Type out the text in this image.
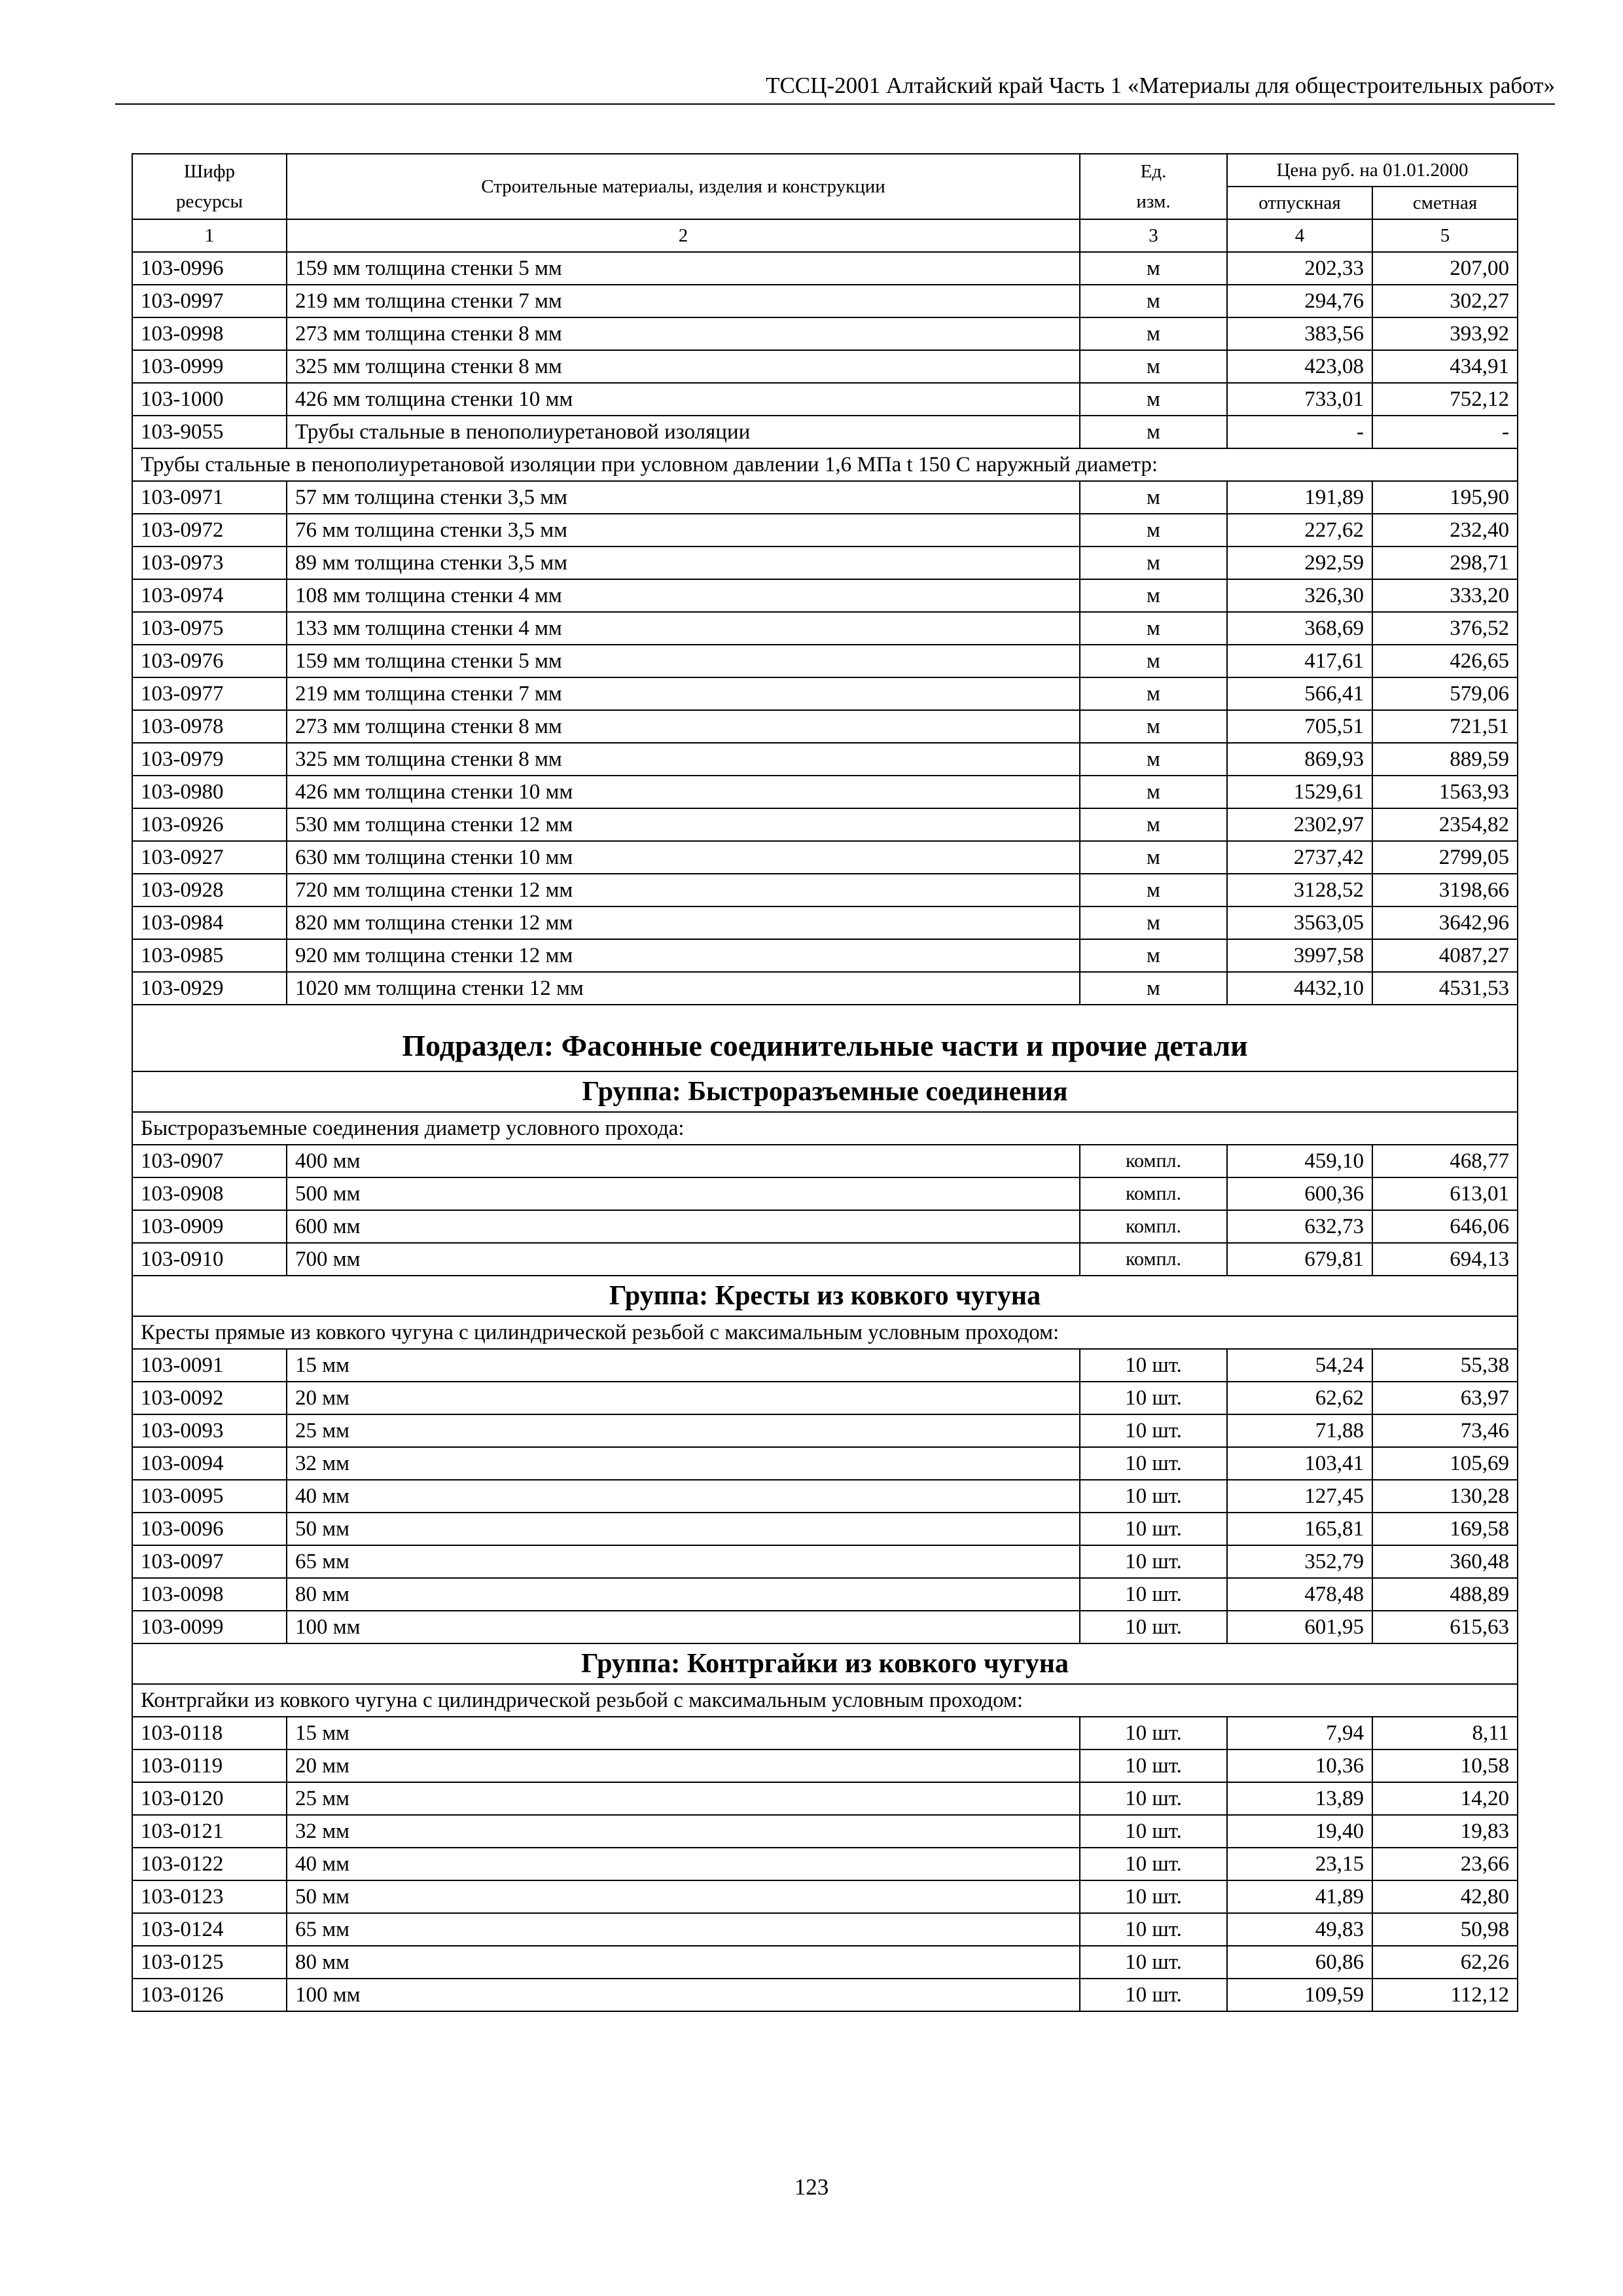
ТССЦ-2001 Алтайский край Часть 1 «Материалы для общестроительных работ»
Шифр ресурсы	Строительные материалы, изделия и конструкции	Ед. изм.	Цена руб. на 01.01.2000	
			отпускная	сметная
1	2	3	4	5
103-0996	159 мм толщина стенки 5 мм	м	202,33	207,00
103-0997	219 мм толщина стенки 7 мм	м	294,76	302,27
103-0998	273 мм толщина стенки 8 мм	м	383,56	393,92
103-0999	325 мм толщина стенки 8 мм	м	423,08	434,91
103-1000	426 мм толщина стенки 10 мм	м	733,01	752,12
103-9055	Трубы стальные в пенополиуретановой изоляции	м	-	-
Трубы стальные в пенополиуретановой изоляции при условном давлении 1,6 МПа t 150 С наружный диаметр:				
103-0971	57 мм толщина стенки 3,5 мм	м	191,89	195,90
103-0972	76 мм толщина стенки 3,5 мм	м	227,62	232,40
103-0973	89 мм толщина стенки 3,5 мм	м	292,59	298,71
103-0974	108 мм толщина стенки 4 мм	м	326,30	333,20
103-0975	133 мм толщина стенки 4 мм	м	368,69	376,52
103-0976	159 мм толщина стенки 5 мм	м	417,61	426,65
103-0977	219 мм толщина стенки 7 мм	м	566,41	579,06
103-0978	273 мм толщина стенки 8 мм	м	705,51	721,51
103-0979	325 мм толщина стенки 8 мм	м	869,93	889,59
103-0980	426 мм толщина стенки 10 мм	м	1529,61	1563,93
103-0926	530 мм толщина стенки 12 мм	м	2302,97	2354,82
103-0927	630 мм толщина стенки 10 мм	м	2737,42	2799,05
103-0928	720 мм толщина стенки 12 мм	м	3128,52	3198,66
103-0984	820 мм толщина стенки 12 мм	м	3563,05	3642,96
103-0985	920 мм толщина стенки 12 мм	м	3997,58	4087,27
103-0929	1020 мм толщина стенки 12 мм	м	4432,10	4531,53
Подраздел: Фасонные соединительные части и прочие детали				
Группа: Быстроразъемные соединения				
Быстроразъемные соединения диаметр условного прохода:				
103-0907	400 мм	компл.	459,10	468,77
103-0908	500 мм	компл.	600,36	613,01
103-0909	600 мм	компл.	632,73	646,06
103-0910	700 мм	компл.	679,81	694,13
Группа: Кресты из ковкого чугуна				
Кресты прямые из ковкого чугуна с цилиндрической резьбой с максимальным условным проходом:				
103-0091	15 мм	10 шт.	54,24	55,38
103-0092	20 мм	10 шт.	62,62	63,97
103-0093	25 мм	10 шт.	71,88	73,46
103-0094	32 мм	10 шт.	103,41	105,69
103-0095	40 мм	10 шт.	127,45	130,28
103-0096	50 мм	10 шт.	165,81	169,58
103-0097	65 мм	10 шт.	352,79	360,48
103-0098	80 мм	10 шт.	478,48	488,89
103-0099	100 мм	10 шт.	601,95	615,63
Группа: Контргайки из ковкого чугуна				
Контргайки из ковкого чугуна с цилиндрической резьбой с максимальным условным проходом:				
103-0118	15 мм	10 шт.	7,94	8,11
103-0119	20 мм	10 шт.	10,36	10,58
103-0120	25 мм	10 шт.	13,89	14,20
103-0121	32 мм	10 шт.	19,40	19,83
103-0122	40 мм	10 шт.	23,15	23,66
103-0123	50 мм	10 шт.	41,89	42,80
103-0124	65 мм	10 шт.	49,83	50,98
103-0125	80 мм	10 шт.	60,86	62,26
103-0126	100 мм	10 шт.	109,59	112,12
123
